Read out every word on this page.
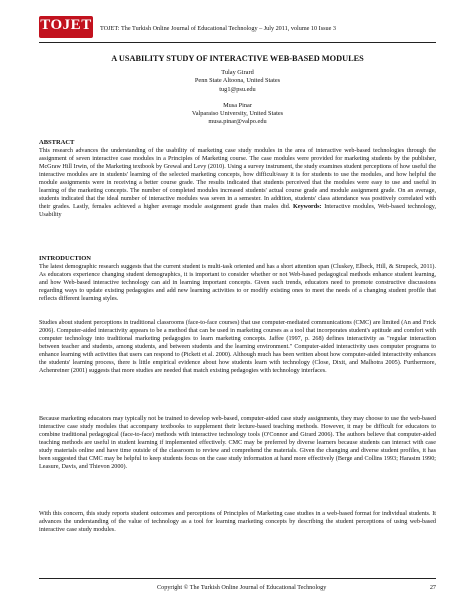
TOJET TOJET: The Turkish Online Journal of Educational Technology – July 2011, volume 10 Issue 3
A USABILITY STUDY OF INTERACTIVE WEB-BASED MODULES
Tulay Girard
Penn State Altoona, United States
tug1@psu.edu
Musa Pinar
Valparaiso University, United States
musa.pinar@valpo.edu
ABSTRACT
This research advances the understanding of the usability of marketing case study modules in the area of interactive web-based technologies through the assignment of seven interactive case modules in a Principles of Marketing course. The case modules were provided for marketing students by the publisher, McGraw Hill Irwin, of the Marketing textbook by Grewal and Levy (2010). Using a survey instrument, the study examines student perceptions of how useful the interactive modules are in students' learning of the selected marketing concepts, how difficult/easy it is for students to use the modules, and how helpful the module assignments were in receiving a better course grade. The results indicated that students perceived that the modules were easy to use and useful in learning of the marketing concepts. The number of completed modules increased students' actual course grade and module assignment grade. On an average, students indicated that the ideal number of interactive modules was seven in a semester. In addition, students' class attendance was positively correlated with their grades. Lastly, females achieved a higher average module assignment grade than males did. Keywords: Interactive modules, Web-based technology, Usability
INTRODUCTION
The latest demographic research suggests that the current student is multi-task oriented and has a short attention span (Cluskey, Elbeck, Hill, & Strupeck, 2011). As educators experience changing student demographics, it is important to consider whether or not Web-based pedagogical methods enhance student learning, and how Web-based interactive technology can aid in learning important concepts. Given such trends, educators need to promote constructive discussions regarding ways to update existing pedagogies and add new learning activities to or modify existing ones to meet the needs of a changing student profile that reflects different learning styles.
Studies about student perceptions in traditional classrooms (face-to-face courses) that use computer-mediated communications (CMC) are limited (An and Frick 2006). Computer-aided interactivity appears to be a method that can be used in marketing courses as a tool that incorporates student's aptitude and comfort with computer technology into traditional marketing pedagogies to learn marketing concepts. Jaffee (1997, p. 268) defines interactivity as "regular interaction between teacher and students, among students, and between students and the learning environment." Computer-aided interactivity uses computer programs to enhance learning with activities that users can respond to (Pickett et al. 2000). Although much has been written about how computer-aided interactivity enhances the students' learning process, there is little empirical evidence about how students learn with technology (Close, Dixit, and Malhotra 2005). Furthermore, Achenreiner (2001) suggests that more studies are needed that match existing pedagogies with technology interfaces.
Because marketing educators may typically not be trained to develop web-based, computer-aided case study assignments, they may choose to use the web-based interactive case study modules that accompany textbooks to supplement their lecture-based teaching methods. However, it may be difficult for educators to combine traditional pedagogical (face-to-face) methods with interactive technology tools (O'Connor and Girard 2006). The authors believe that computer-aided teaching methods are useful in student learning if implemented effectively. CMC may be preferred by diverse learners because students can interact with case study materials online and have time outside of the classroom to review and comprehend the materials. Given the changing and diverse student profiles, it has been suggested that CMC may be helpful to keep students focus on the case study information at hand more effectively (Berge and Collins 1993; Harasim 1990; Leasure, Davis, and Thievon 2000).
With this concern, this study reports student outcomes and perceptions of Principles of Marketing case studies in a web-based format for individual students. It advances the understanding of the value of technology as a tool for learning marketing concepts by describing the student perceptions of using web-based interactive case study modules.
Copyright © The Turkish Online Journal of Educational Technology	27
